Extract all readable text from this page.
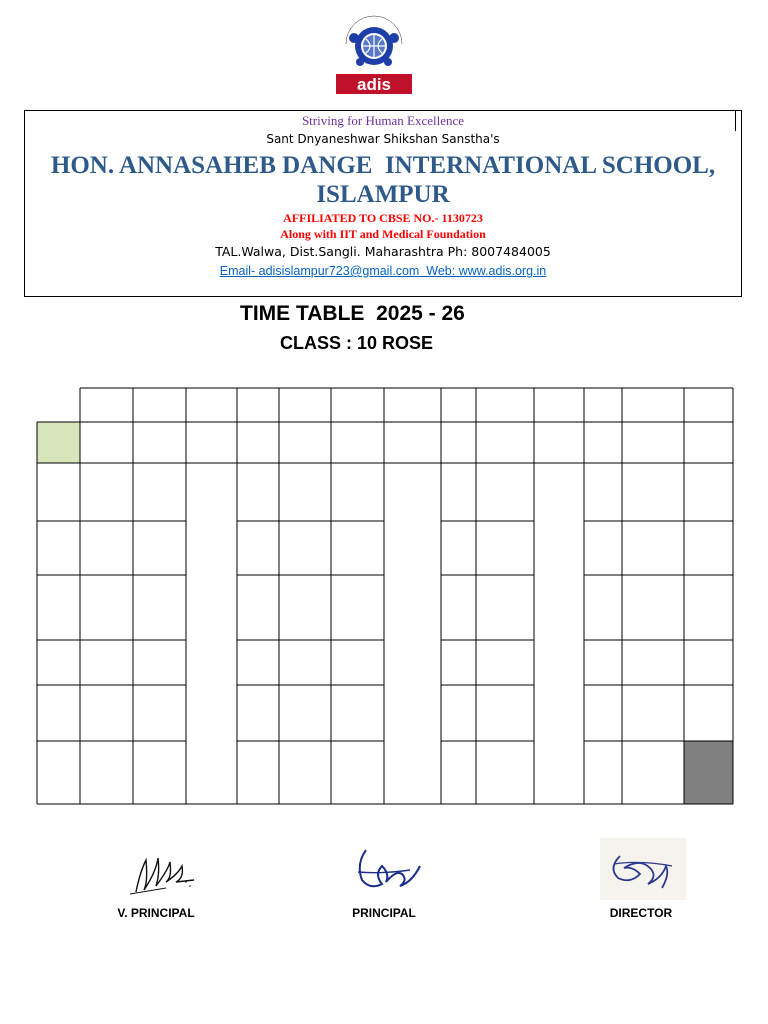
adis
Striving for Human Excellence
Sant Dnyaneshwar Shikshan Sanstha's
HON. ANNASAHEB DANGE  INTERNATIONAL SCHOOL,
ISLAMPUR
AFFILIATED TO CBSE NO.- 1130723
Along with IIT and Medical Foundation
TAL.Walwa, Dist.Sangli. Maharashtra Ph: 8007484005
Email- adisislampur723@gmail.com  Web: www.adis.org.in
TIME TABLE  2025 - 26
CLASS : 10 ROSE
V. PRINCIPAL	PRINCIPAL	DIRECTOR
